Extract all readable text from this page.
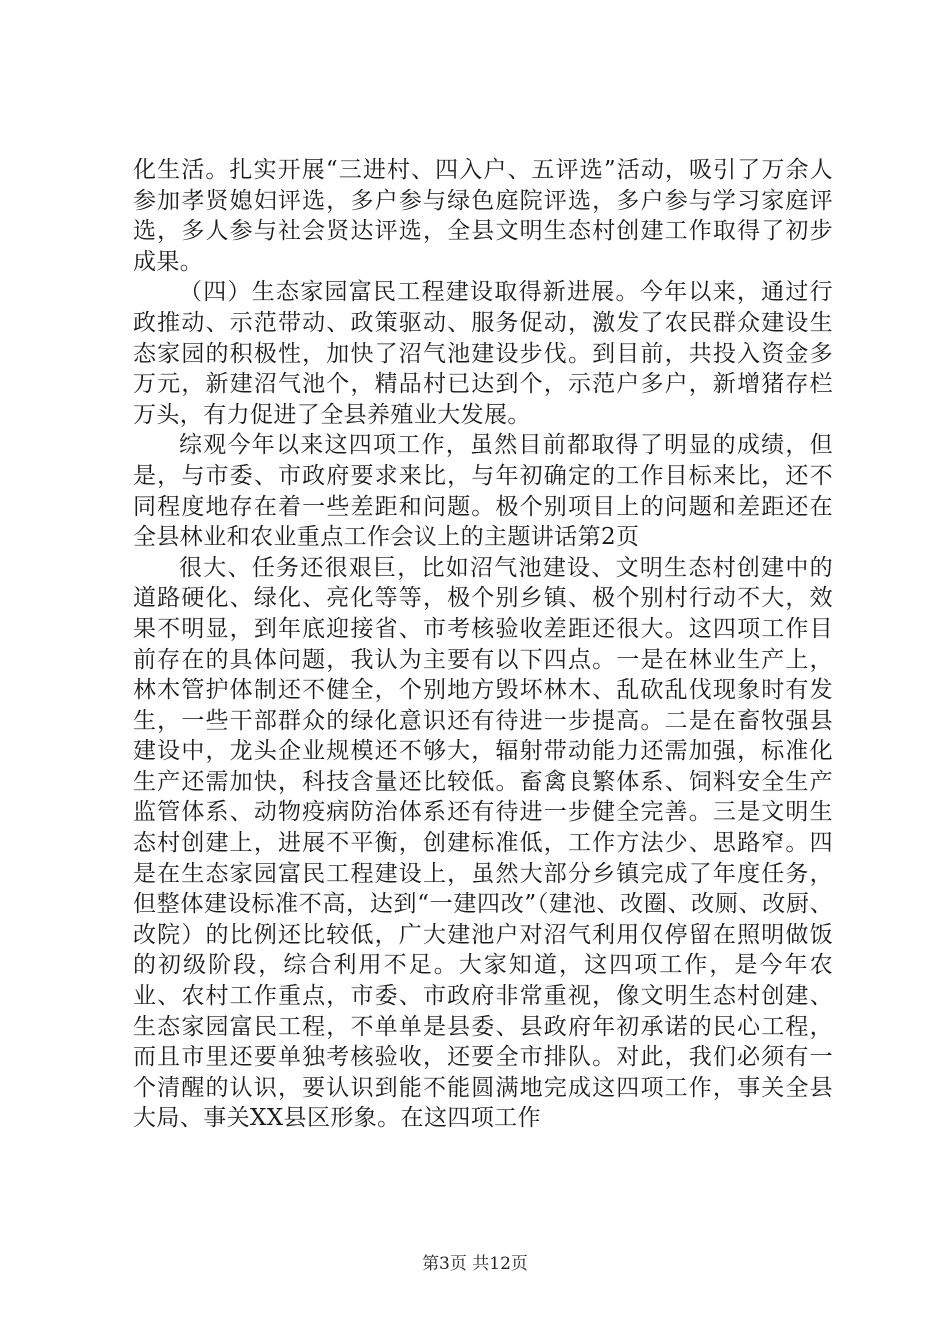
化生活。扎实开展“三进村、四入户、五评选”活动，吸引了万余人参加孝贤媳妇评选，多户参与绿色庭院评选，多户参与学习家庭评选，多人参与社会贤达评选，全县文明生态村创建工作取得了初步成果。

（四）生态家园富民工程建设取得新进展。今年以来，通过行政推动、示范带动、政策驱动、服务促动，激发了农民群众建设生态家园的积极性，加快了沼气池建设步伐。到目前，共投入资金多万元，新建沼气池个，精品村已达到个，示范户多户，新增猪存栏万头，有力促进了全县养殖业大发展。

综观今年以来这四项工作，虽然目前都取得了明显的成绩，但是，与市委、市政府要求来比，与年初确定的工作目标来比，还不同程度地存在着一些差距和问题。极个别项目上的问题和差距还在全县林业和农业重点工作会议上的主题讲话第2页

很大、任务还很艰巨，比如沼气池建设、文明生态村创建中的道路硬化、绿化、亮化等等，极个别乡镇、极个别村行动不大，效果不明显，到年底迎接省、市考核验收差距还很大。这四项工作目前存在的具体问题，我认为主要有以下四点。一是在林业生产上，林木管护体制还不健全，个别地方毁坏林木、乱砍乱伐现象时有发生，一些干部群众的绿化意识还有待进一步提高。二是在畜牧强县建设中，龙头企业规模还不够大，辐射带动能力还需加强，标准化生产还需加快，科技含量还比较低。畜禽良繁体系、饲料安全生产监管体系、动物疫病防治体系还有待进一步健全完善。三是文明生态村创建上，进展不平衡，创建标准低，工作方法少、思路窄。四是在生态家园富民工程建设上，虽然大部分乡镇完成了年度任务，但整体建设标准不高，达到“一建四改”（建池、改圈、改厕、改厨、改院）的比例还比较低，广大建池户对沼气利用仅停留在照明做饭的初级阶段，综合利用不足。大家知道，这四项工作，是今年农业、农村工作重点，市委、市政府非常重视，像文明生态村创建、生态家园富民工程，不单单是县委、县政府年初承诺的民心工程，而且市里还要单独考核验收，还要全市排队。对此，我们必须有一个清醒的认识，要认识到能不能圆满地完成这四项工作，事关全县大局、事关XX县区形象。在这四项工作

第3页 共12页
